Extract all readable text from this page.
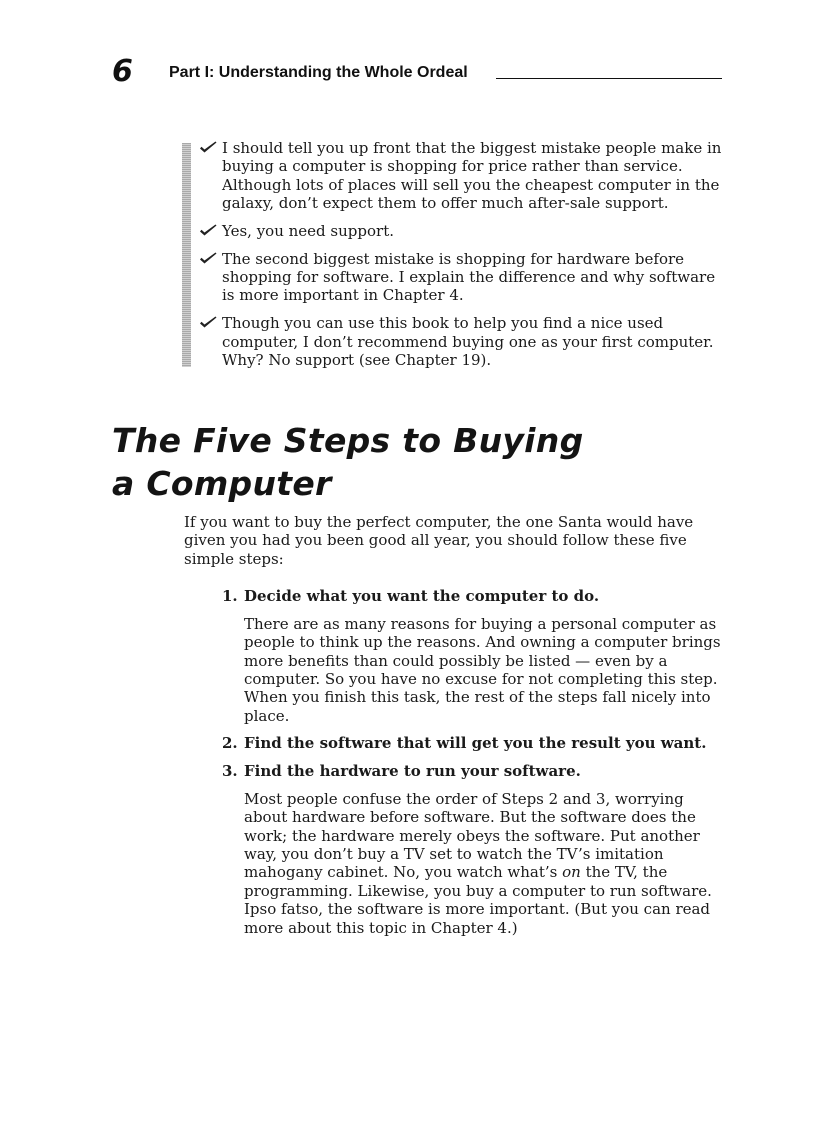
6 Part I: Understanding the Whole Ordeal
I should tell you up front that the biggest mistake people make in buying a computer is shopping for price rather than service. Although lots of places will sell you the cheapest computer in the galaxy, don’t expect them to offer much after-sale support.
Yes, you need support.
The second biggest mistake is shopping for hardware before shopping for software. I explain the difference and why software is more important in Chapter 4.
Though you can use this book to help you find a nice used computer, I don’t recommend buying one as your first computer. Why? No support (see Chapter 19).
The Five Steps to Buying
a Computer

If you want to buy the perfect computer, the one Santa would have given you had you been good all year, you should follow these five simple steps:

1. Decide what you want the computer to do.

There are as many reasons for buying a personal computer as people to think up the reasons. And owning a computer brings more benefits than could possibly be listed — even by a computer. So you have no excuse for not completing this step. When you finish this task, the rest of the steps fall nicely into place.

2. Find the software that will get you the result you want.
3. Find the hardware to run your software.

Most people confuse the order of Steps 2 and 3, worrying about hardware before software. But the software does the work; the hardware merely obeys the software. Put another way, you don’t buy a TV set to watch the TV’s imitation mahogany cabinet. No, you watch what’s on the TV, the programming. Likewise, you buy a computer to run software. Ipso fatso, the software is more important. (But you can read more about this topic in Chapter 4.)
